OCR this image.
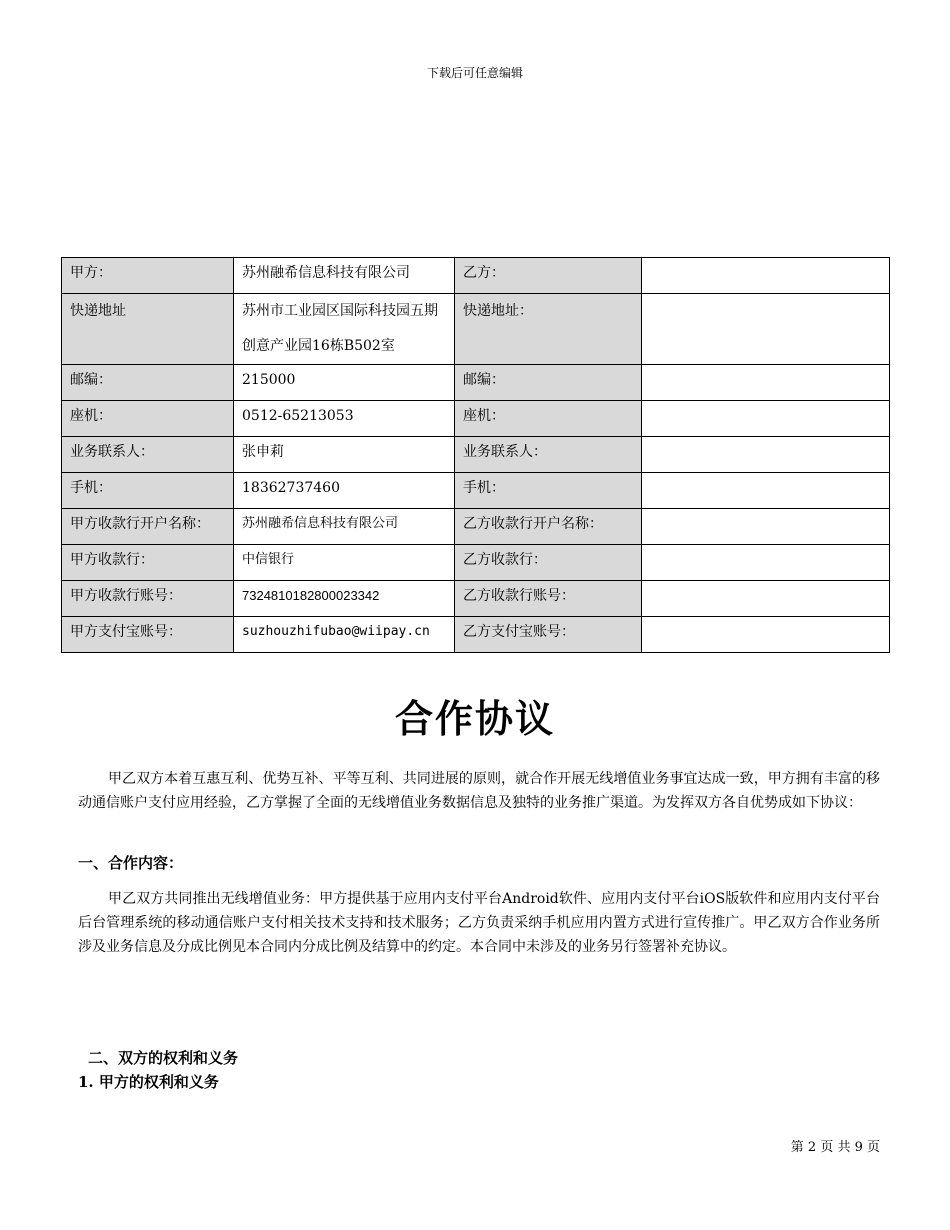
下载后可任意编辑
甲方：	苏州融希信息科技有限公司	乙方：	
快递地址	苏州市工业园区国际科技园五期创意产业园16栋B502室	快递地址：	
邮编：	215000	邮编：	
座机：	0512-65213053	座机：	
业务联系人：	张申莉	业务联系人：	
手机：	18362737460	手机：	
甲方收款行开户名称：	苏州融希信息科技有限公司	乙方收款行开户名称：	
甲方收款行：	中信银行	乙方收款行：	
甲方收款行账号：	7324810182800023342	乙方收款行账号：	
甲方支付宝账号：	suzhouzhifubao@wiipay.cn	乙方支付宝账号：	
合作协议
甲乙双方本着互惠互利、优势互补、平等互利、共同进展的原则，就合作开展无线增值业务事宜达成一致，甲方拥有丰富的移动通信账户支付应用经验，乙方掌握了全面的无线增值业务数据信息及独特的业务推广渠道。为发挥双方各自优势成如下协议：
一、合作内容：
甲乙双方共同推出无线增值业务：甲方提供基于应用内支付平台Android软件、应用内支付平台iOS版软件和应用内支付平台后台管理系统的移动通信账户支付相关技术支持和技术服务；乙方负责采纳手机应用内置方式进行宣传推广。甲乙双方合作业务所涉及业务信息及分成比例见本合同内分成比例及结算中的约定。本合同中未涉及的业务另行签署补充协议。
二、双方的权利和义务
1. 甲方的权利和义务
第 2 页 共 9 页
